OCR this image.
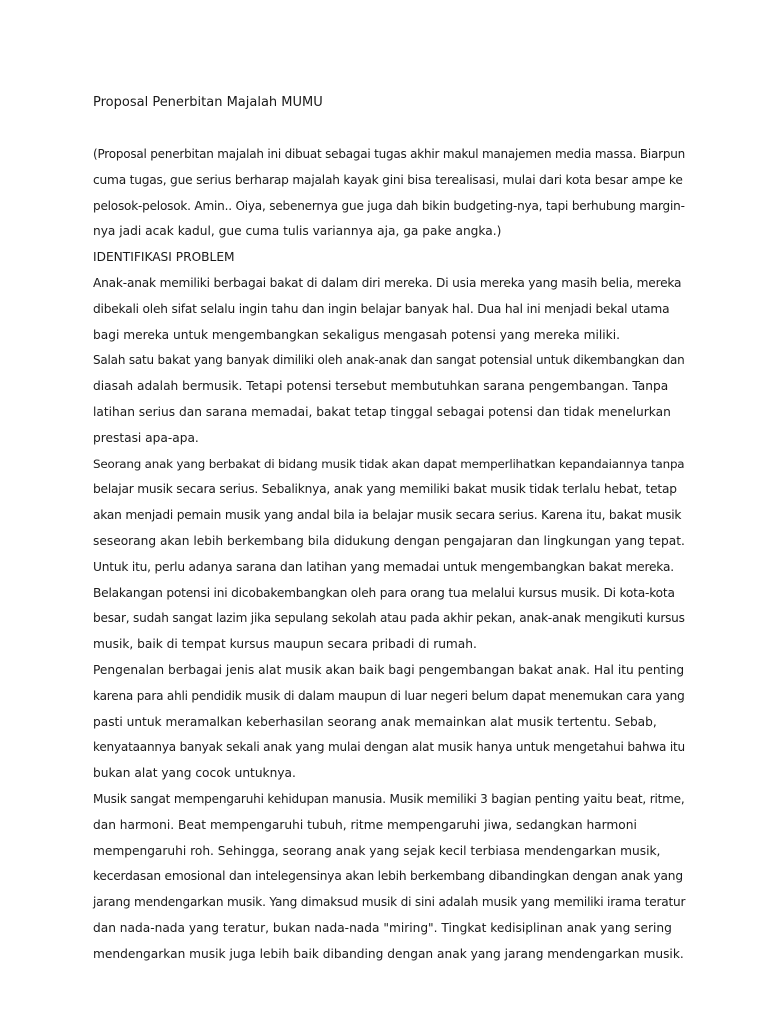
Proposal Penerbitan Majalah MUMU
(Proposal penerbitan majalah ini dibuat sebagai tugas akhir makul manajemen media massa. Biarpun
cuma tugas, gue serius berharap majalah kayak gini bisa terealisasi, mulai dari kota besar ampe ke
pelosok-pelosok. Amin.. Oiya, sebenernya gue juga dah bikin budgeting-nya, tapi berhubung margin-
nya jadi acak kadul, gue cuma tulis variannya aja, ga pake angka.)
IDENTIFIKASI PROBLEM
Anak-anak memiliki berbagai bakat di dalam diri mereka. Di usia mereka yang masih belia, mereka
dibekali oleh sifat selalu ingin tahu dan ingin belajar banyak hal. Dua hal ini menjadi bekal utama
bagi mereka untuk mengembangkan sekaligus mengasah potensi yang mereka miliki.
Salah satu bakat yang banyak dimiliki oleh anak-anak dan sangat potensial untuk dikembangkan dan
diasah adalah bermusik. Tetapi potensi tersebut membutuhkan sarana pengembangan. Tanpa
latihan serius dan sarana memadai, bakat tetap tinggal sebagai potensi dan tidak menelurkan
prestasi apa-apa.
Seorang anak yang berbakat di bidang musik tidak akan dapat memperlihatkan kepandaiannya tanpa
belajar musik secara serius. Sebaliknya, anak yang memiliki bakat musik tidak terlalu hebat, tetap
akan menjadi pemain musik yang andal bila ia belajar musik secara serius. Karena itu, bakat musik
seseorang akan lebih berkembang bila didukung dengan pengajaran dan lingkungan yang tepat.
Untuk itu, perlu adanya sarana dan latihan yang memadai untuk mengembangkan bakat mereka.
Belakangan potensi ini dicobakembangkan oleh para orang tua melalui kursus musik. Di kota-kota
besar, sudah sangat lazim jika sepulang sekolah atau pada akhir pekan, anak-anak mengikuti kursus
musik, baik di tempat kursus maupun secara pribadi di rumah.
Pengenalan berbagai jenis alat musik akan baik bagi pengembangan bakat anak. Hal itu penting
karena para ahli pendidik musik di dalam maupun di luar negeri belum dapat menemukan cara yang
pasti untuk meramalkan keberhasilan seorang anak memainkan alat musik tertentu. Sebab,
kenyataannya banyak sekali anak yang mulai dengan alat musik hanya untuk mengetahui bahwa itu
bukan alat yang cocok untuknya.
Musik sangat mempengaruhi kehidupan manusia. Musik memiliki 3 bagian penting yaitu beat, ritme,
dan harmoni. Beat mempengaruhi tubuh, ritme mempengaruhi jiwa, sedangkan harmoni
mempengaruhi roh. Sehingga, seorang anak yang sejak kecil terbiasa mendengarkan musik,
kecerdasan emosional dan intelegensinya akan lebih berkembang dibandingkan dengan anak yang
jarang mendengarkan musik. Yang dimaksud musik di sini adalah musik yang memiliki irama teratur
dan nada-nada yang teratur, bukan nada-nada "miring". Tingkat kedisiplinan anak yang sering
mendengarkan musik juga lebih baik dibanding dengan anak yang jarang mendengarkan musik.
